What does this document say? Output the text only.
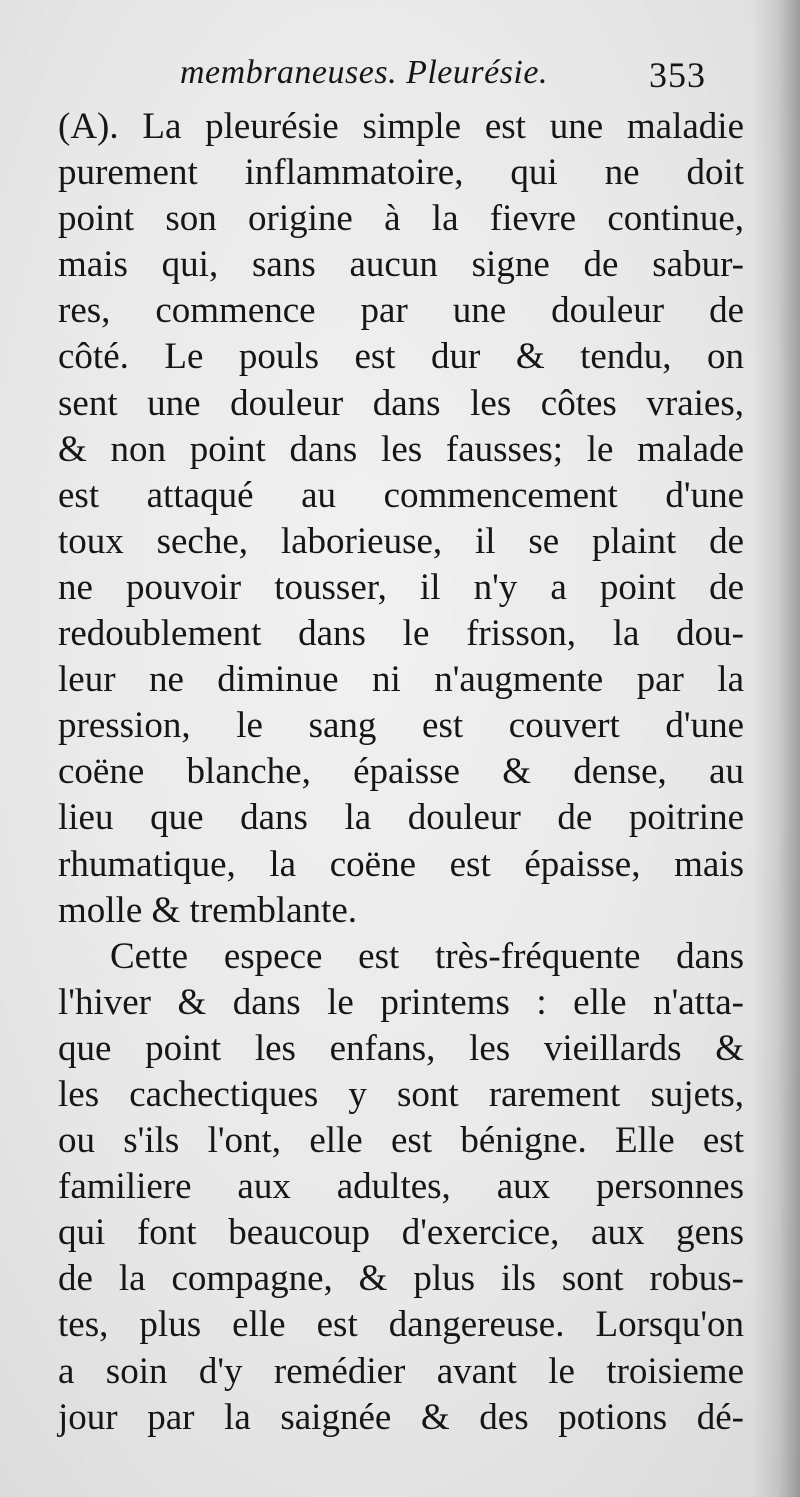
membraneuses. Pleurésie.	353
(A). La pleurésie simple est une maladie
purement inflammatoire, qui ne doit
point son origine à la fievre continue,
mais qui, sans aucun signe de sabur-
res, commence par une douleur de
côté. Le pouls est dur & tendu, on
sent une douleur dans les côtes vraies,
& non point dans les fausses; le malade
est attaqué au commencement d'une
toux seche, laborieuse, il se plaint de
ne pouvoir tousser, il n'y a point de
redoublement dans le frisson, la dou-
leur ne diminue ni n'augmente par la
pression, le sang est couvert d'une
coëne blanche, épaisse & dense, au
lieu que dans la douleur de poitrine
rhumatique, la coëne est épaisse, mais
molle & tremblante.
Cette espece est très-fréquente dans
l'hiver & dans le printems : elle n'atta-
que point les enfans, les vieillards &
les cachectiques y sont rarement sujets,
ou s'ils l'ont, elle est bénigne. Elle est
familiere aux adultes, aux personnes
qui font beaucoup d'exercice, aux gens
de la compagne, & plus ils sont robus-
tes, plus elle est dangereuse. Lorsqu'on
a soin d'y remédier avant le troisieme
jour par la saignée & des potions dé-
